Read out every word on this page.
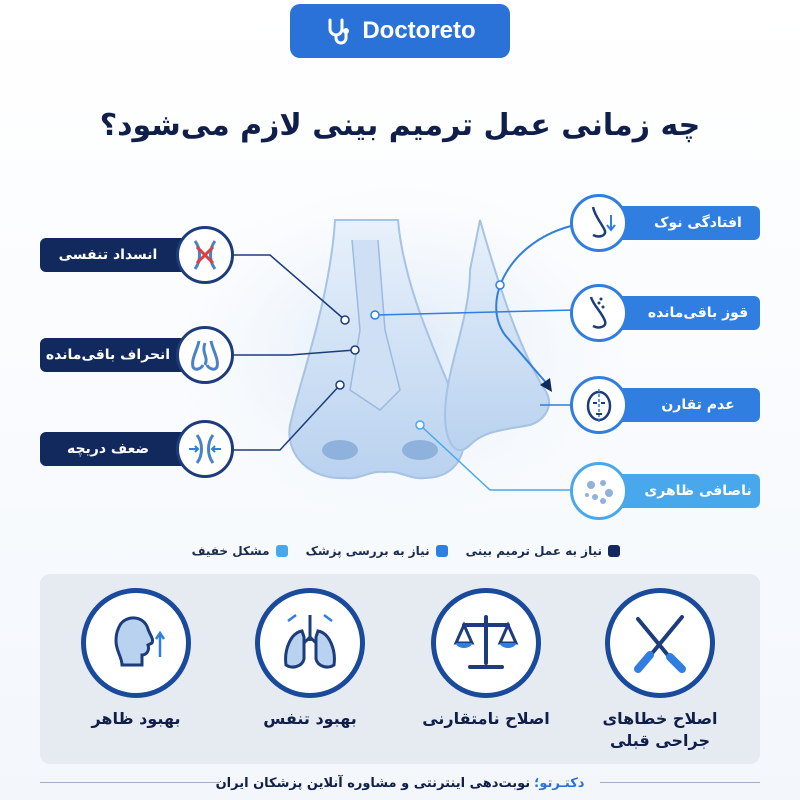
Doctoreto
چه زمانی عمل ترمیم بینی لازم می‌شود؟
انسداد تنفسی
انحراف باقی‌مانده
ضعف دریچه
افتادگی نوک
قوز باقی‌مانده
عدم تقارن
ناصافی ظاهری
نیاز به عمل ترمیم بینی
نیاز به بررسی پزشک
مشکل خفیف
اصلاح خطاهای جراحی قبلی
اصلاح نامتقارنی
بهبود تنفس
بهبود ظاهر
دکتـرتو؛
نوبت‌دهی اینترنتی و مشاوره آنلاین پزشکان ایران
